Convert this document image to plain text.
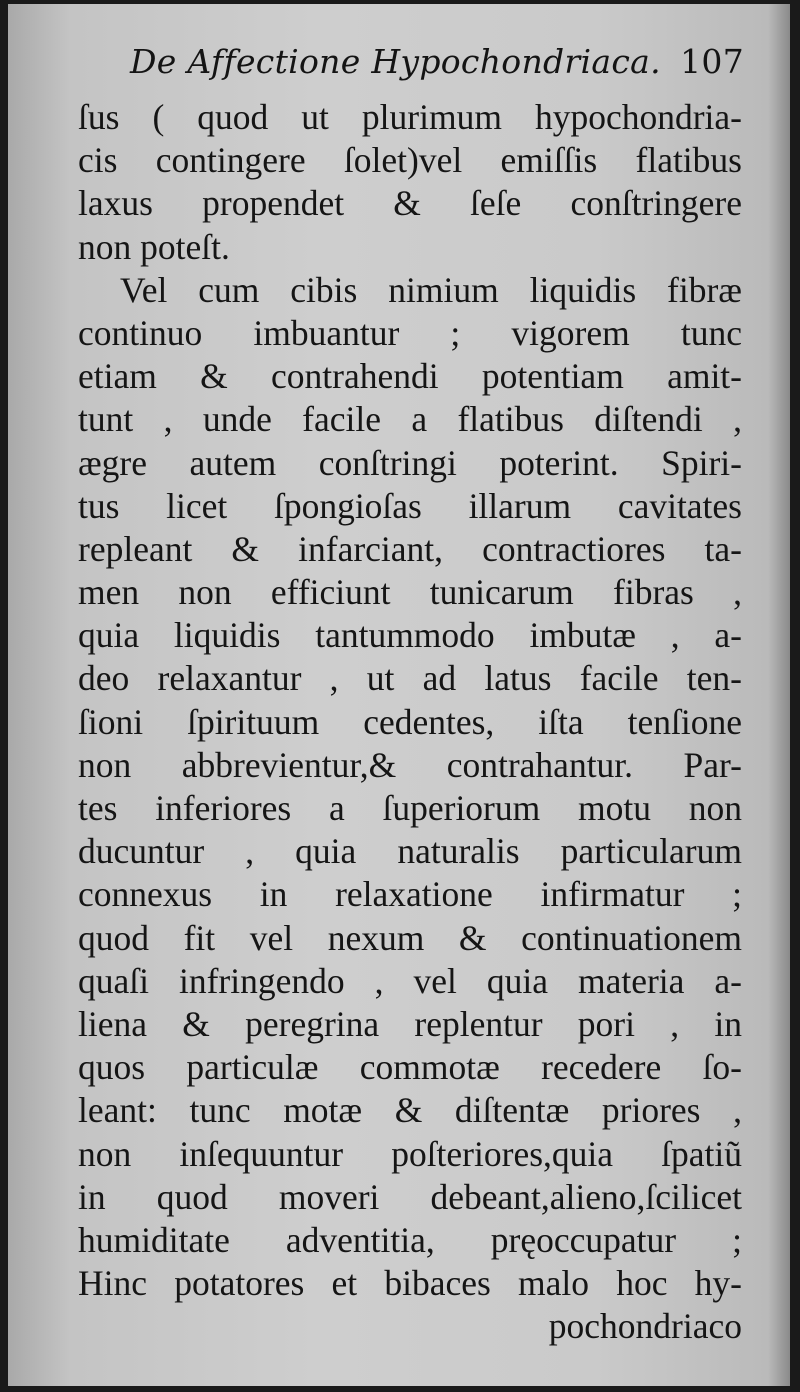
De Affectione Hypochondriaca. 107
ſus ( quod ut plurimum hypochondria-
cis contingere ſolet)vel emiſſis flatibus
laxus propendet & ſeſe conſtringere
non poteſt.
Vel cum cibis nimium liquidis fibræ
continuo imbuantur ; vigorem tunc
etiam & contrahendi potentiam amit-
tunt , unde facile a flatibus diſtendi ,
ægre autem conſtringi poterint. Spiri-
tus licet ſpongioſas illarum cavitates
repleant & infarciant, contractiores ta-
men non efficiunt tunicarum fibras ,
quia liquidis tantummodo imbutæ , a-
deo relaxantur , ut ad latus facile ten-
ſioni ſpirituum cedentes, iſta tenſione
non abbrevientur,& contrahantur. Par-
tes inferiores a ſuperiorum motu non
ducuntur , quia naturalis particularum
connexus in relaxatione infirmatur ;
quod fit vel nexum & continuationem
quaſi infringendo , vel quia materia a-
liena & peregrina replentur pori , in
quos particulæ commotæ recedere ſo-
leant: tunc motæ & diſtentæ priores ,
non inſequuntur poſteriores,quia ſpatiũ
in quod moveri debeant,alieno,ſcilicet
humiditate adventitia, pręoccupatur ;
Hinc potatores et bibaces malo hoc hy-
pochondriaco
